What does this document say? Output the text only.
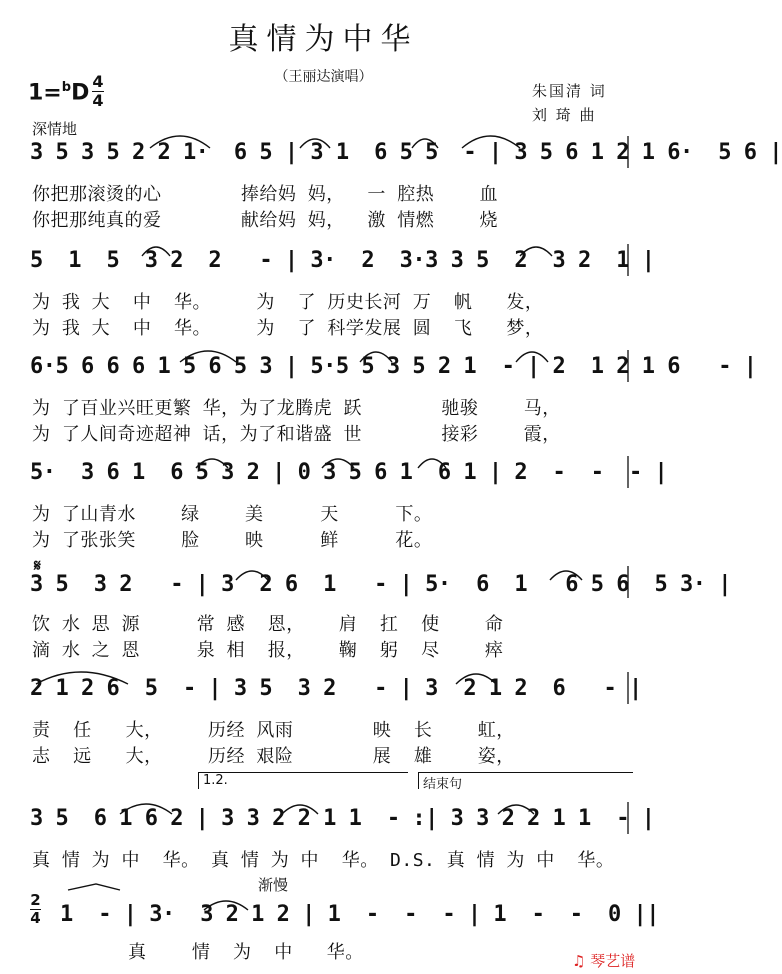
真情为中华
（王丽达演唱）
朱国清 词
刘 琦 曲
1=$^b$D 4
4
深情地
3 5 3 5 2 2 1·  6 5 | 3 1  6 5 5  - | 3 5 6 1 2 1 6·  5 6 |
你把那滚烫的心       捧给妈 妈，  一 腔热    血
你把那纯真的爱       献给妈 妈，  激 情燃    烧
5  1  5  3 2  2   - | 3·  2  3·3 3 5  2  3 2  1 |
为 我 大  中  华。    为  了 历史长河 万  帆   发，
为 我 大  中  华。    为  了 科学发展 圆  飞   梦，
6·5 6 6 6 1 5 6 5 3 | 5·5 5 3 5 2 1  - | 2  1 2 1 6   - |
为 了百业兴旺更繁 华，为了龙腾虎 跃       驰骏    马，
为 了人间奇迹超神 话，为了和谐盛 世       接彩    霞，
5·  3 6 1  6 5 3 2 | 0 3 5 6 1  6 1 | 2  -  -  - |
为 了山青水    绿    美     天     下。
为 了张张笑    脸    映     鲜     花。
𝄋
3 5  3 2   - | 3  2 6  1   - | 5·  6  1   6 5 6  5 3· |
饮 水 思 源     常 感  恩，   肩  扛  使    命
滴 水 之 恩     泉 相  报，   鞠  躬  尽    瘁
2 1 2 6  5  - | 3 5  3 2   - | 3  2 1 2  6   - |
责  任   大，    历经 风雨       映  长    虹，
志  远   大，    历经 艰险       展  雄    姿，
1.2.	结束句
3 5  6 1 6 2 | 3 3 2 2 1 1  - :| 3 3 2 2 1 1  - |
真 情 为 中  华。 真 情 为 中  华。 D.S. 真 情 为 中  华。
渐慢
2
4 1  - | 3·  3 2 1 2 | 1  -  -  - | 1  -  -  0 ||
真    情  为  中   华。	♫ 琴艺谱
